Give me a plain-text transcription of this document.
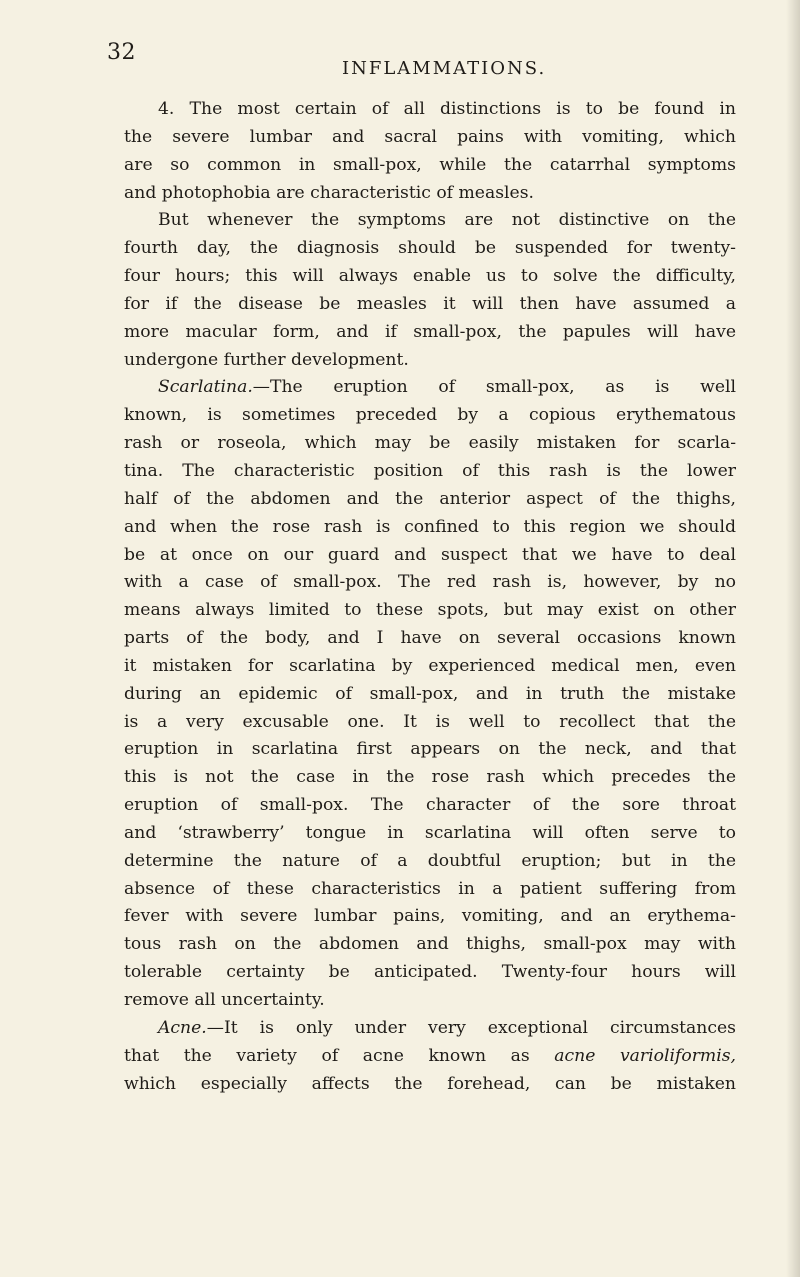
32
INFLAMMATIONS.
4. The most certain of all distinctions is to be found in
the severe lumbar and sacral pains with vomiting, which
are so common in small-pox, while the catarrhal symptoms
and photophobia are characteristic of measles.
But whenever the symptoms are not distinctive on the
fourth day, the diagnosis should be suspended for twenty-
four hours; this will always enable us to solve the difficulty,
for if the disease be measles it will then have assumed a
more macular form, and if small-pox, the papules will have
undergone further development.
Scarlatina.—The eruption of small-pox, as is well
known, is sometimes preceded by a copious erythematous
rash or roseola, which may be easily mistaken for scarla-
tina. The characteristic position of this rash is the lower
half of the abdomen and the anterior aspect of the thighs,
and when the rose rash is confined to this region we should
be at once on our guard and suspect that we have to deal
with a case of small-pox. The red rash is, however, by no
means always limited to these spots, but may exist on other
parts of the body, and I have on several occasions known
it mistaken for scarlatina by experienced medical men, even
during an epidemic of small-pox, and in truth the mistake
is a very excusable one. It is well to recollect that the
eruption in scarlatina first appears on the neck, and that
this is not the case in the rose rash which precedes the
eruption of small-pox. The character of the sore throat
and ‘strawberry’ tongue in scarlatina will often serve to
determine the nature of a doubtful eruption; but in the
absence of these characteristics in a patient suffering from
fever with severe lumbar pains, vomiting, and an erythema-
tous rash on the abdomen and thighs, small-pox may with
tolerable certainty be anticipated. Twenty-four hours will
remove all uncertainty.
Acne.—It is only under very exceptional circumstances
that the variety of acne known as acne varioliformis,
which especially affects the forehead, can be mistaken
